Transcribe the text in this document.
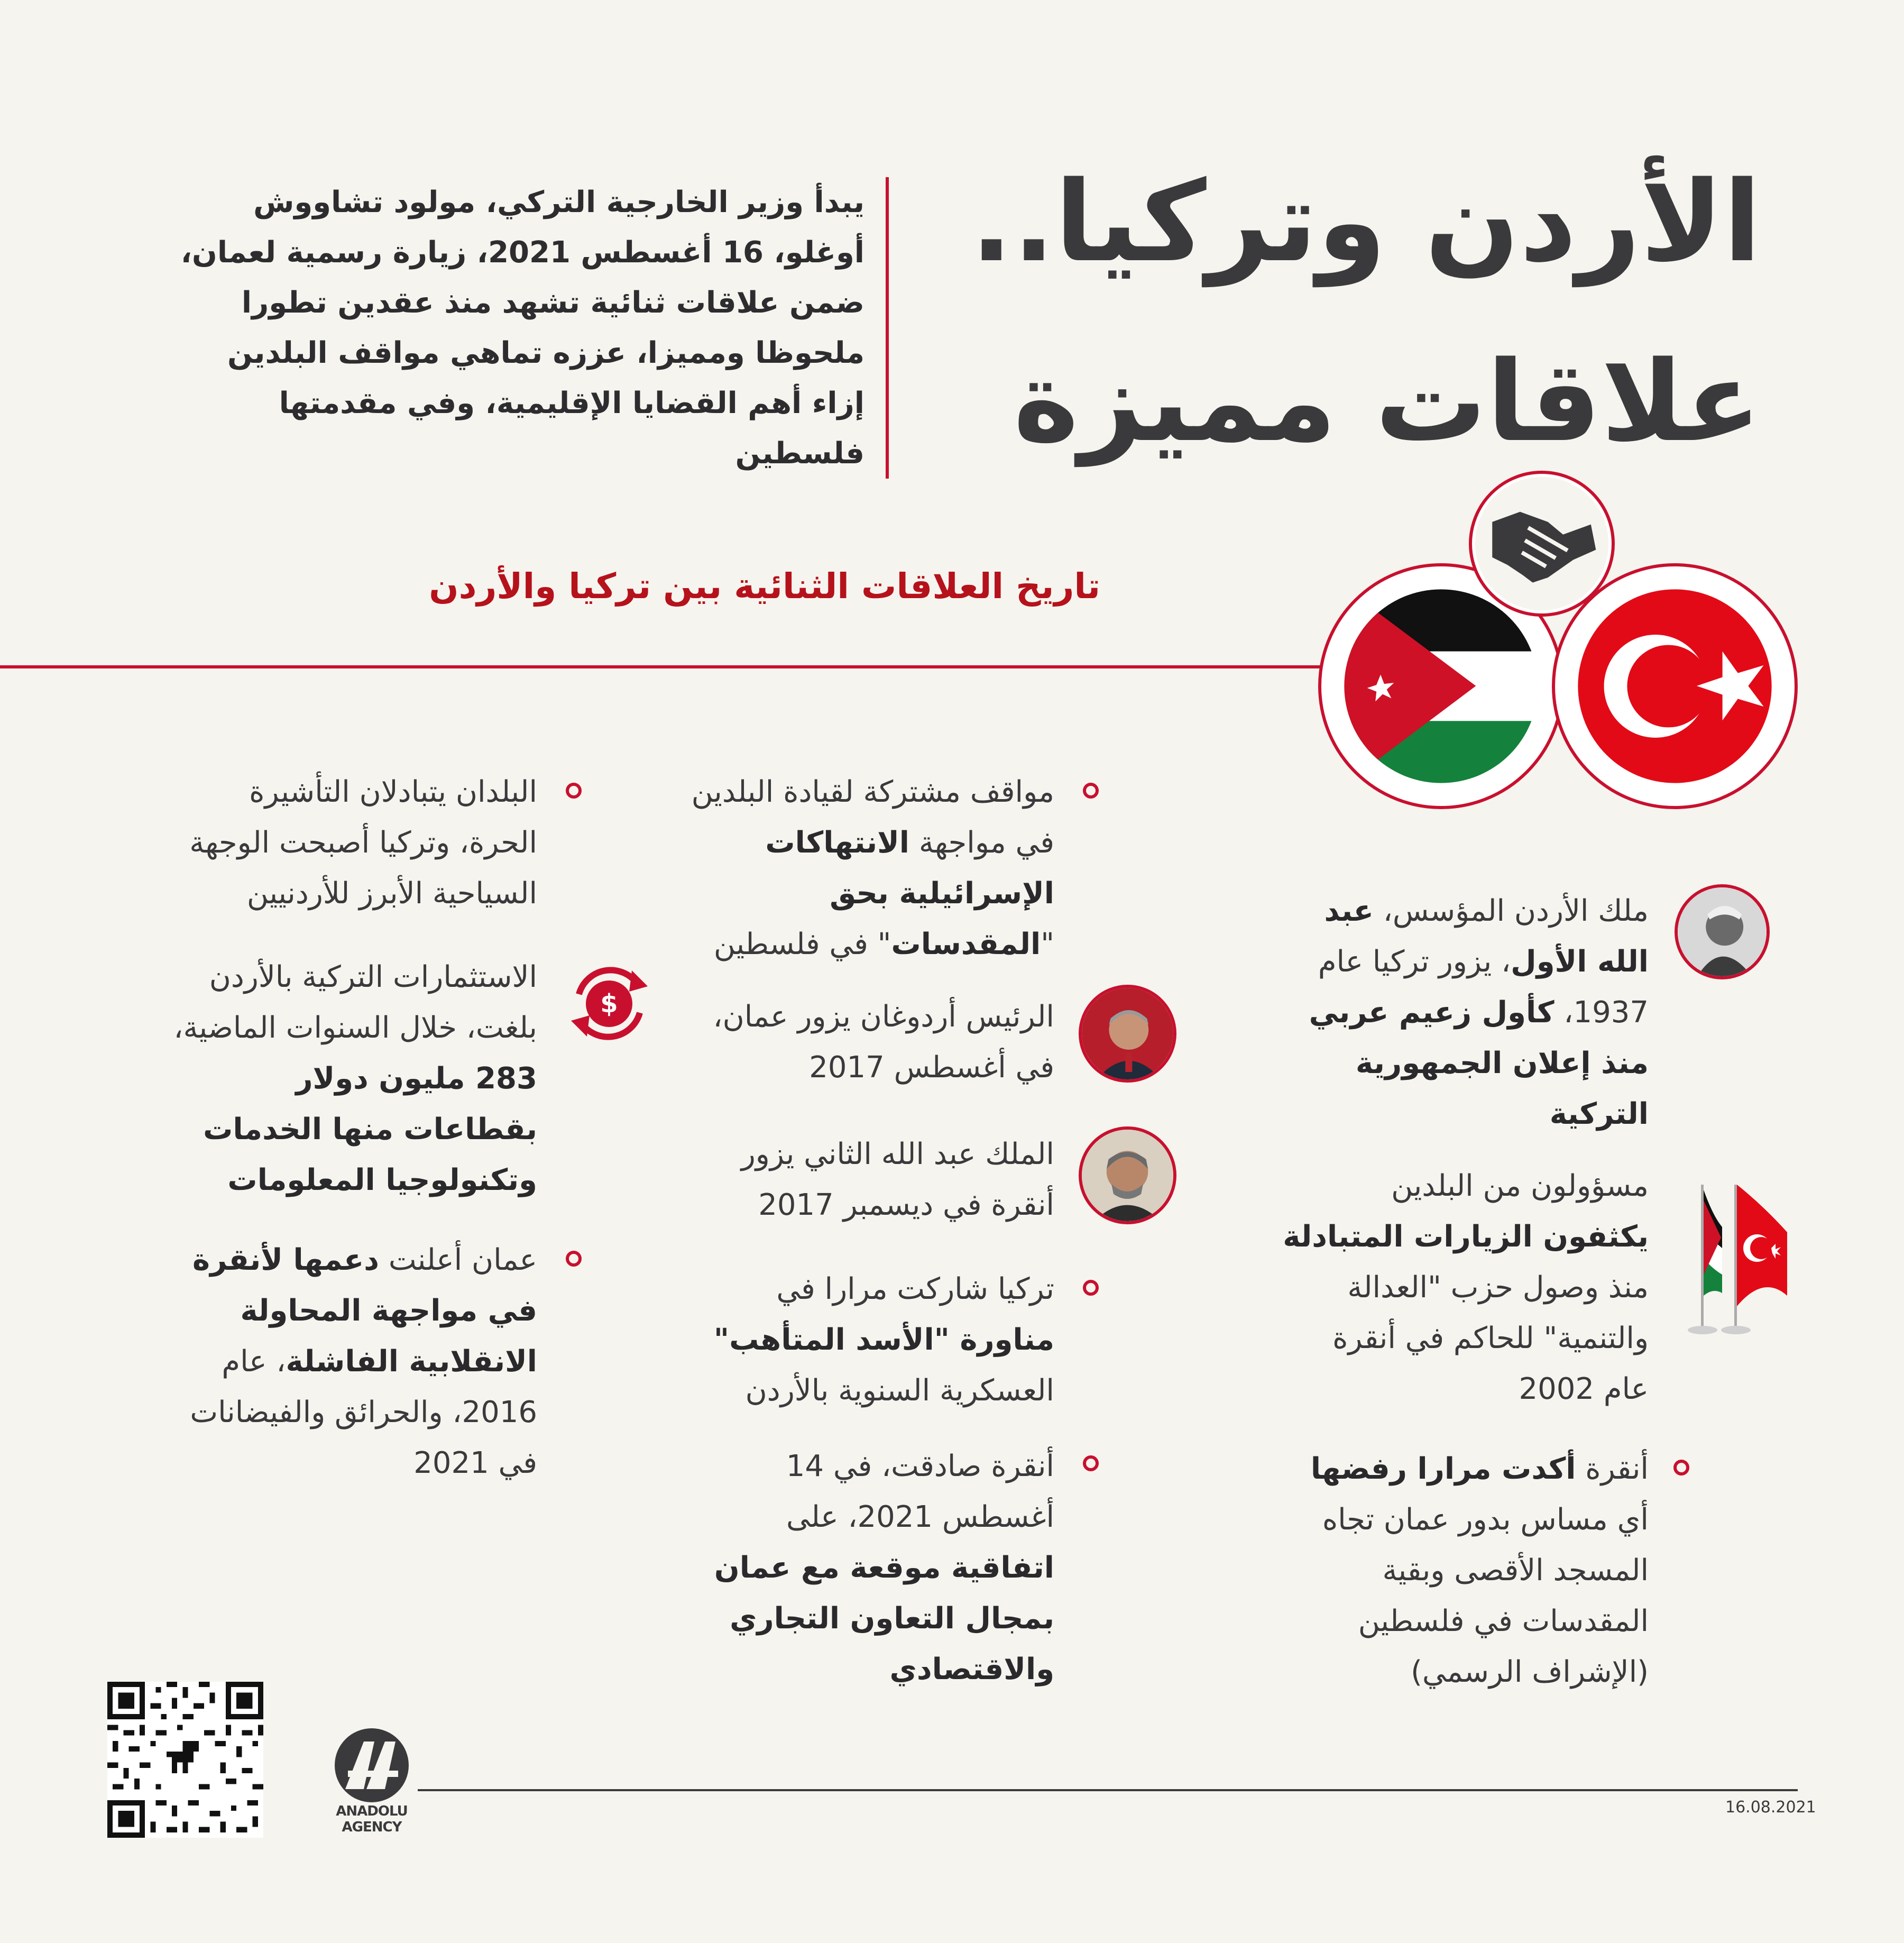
الأردن وتركيا..
علاقات مميزة
يبدأ وزير الخارجية التركي، مولود تشاووش أوغلو، 16 أغسطس 2021، زيارة رسمية لعمان، ضمن علاقات ثنائية تشهد منذ عقدين تطورا ملحوظا ومميزا، عززه تماهي مواقف البلدين إزاء أهم القضايا الإقليمية، وفي مقدمتها فلسطين
تاريخ العلاقات الثنائية بين تركيا والأردن
ملك الأردن المؤسس، عبد الله الأول، يزور تركيا عام 1937، كأول زعيم عربي منذ إعلان الجمهورية التركية
مسؤولون من البلدين يكثفون الزيارات المتبادلة منذ وصول حزب "العدالة والتنمية" للحاكم في أنقرة عام 2002
أنقرة أكدت مرارا رفضها أي مساس بدور عمان تجاه المسجد الأقصى وبقية المقدسات في فلسطين (الإشراف الرسمي)
مواقف مشتركة لقيادة البلدين في مواجهة الانتهاكات الإسرائيلية بحق "المقدسات" في فلسطين
الرئيس أردوغان يزور عمان، في أغسطس 2017
الملك عبد الله الثاني يزور أنقرة في ديسمبر 2017
تركيا شاركت مرارا في مناورة "الأسد المتأهب" العسكرية السنوية بالأردن
أنقرة صادقت، في 14 أغسطس 2021، على اتفاقية موقعة مع عمان بمجال التعاون التجاري والاقتصادي
البلدان يتبادلان التأشيرة الحرة، وتركيا أصبحت الوجهة السياحية الأبرز للأردنيين
$
الاستثمارات التركية بالأردن بلغت، خلال السنوات الماضية، 283 مليون دولار بقطاعات منها الخدمات وتكنولوجيا المعلومات
عمان أعلنت دعمها لأنقرة في مواجهة المحاولة الانقلابية الفاشلة، عام 2016، والحرائق والفيضانات في 2021
ANADOLU AGENCY
16.08.2021
